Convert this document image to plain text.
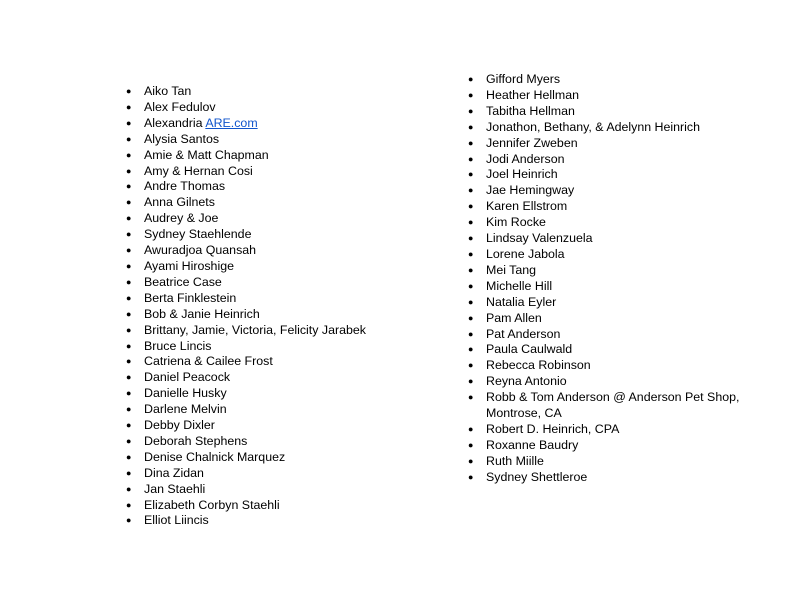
●	Aiko Tan
●	Alex Fedulov
●	Alexandria ARE.com
●	Alysia Santos
●	Amie & Matt Chapman
●	Amy & Hernan Cosi
●	Andre Thomas
●	Anna Gilnets
●	Audrey & Joe
●	Sydney Staehlende
●	Awuradjoa Quansah
●	Ayami Hiroshige
●	Beatrice Case
●	Berta Finklestein
●	Bob & Janie Heinrich
●	Brittany, Jamie, Victoria, Felicity Jarabek
●	Bruce Lincis
●	Catriena & Cailee Frost
●	Daniel Peacock
●	Danielle Husky
●	Darlene Melvin
●	Debby Dixler
●	Deborah Stephens
●	Denise Chalnick Marquez
●	Dina Zidan
●	Jan Staehli
●	Elizabeth Corbyn Staehli
●	Elliot Liincis
●	Gifford Myers
●	Heather Hellman
●	Tabitha Hellman
●	Jonathon, Bethany, & Adelynn Heinrich
●	Jennifer Zweben
●	Jodi Anderson
●	Joel Heinrich
●	Jae Hemingway
●	Karen Ellstrom
●	Kim Rocke
●	Lindsay Valenzuela
●	Lorene Jabola
●	Mei Tang
●	Michelle Hill
●	Natalia Eyler
●	Pam Allen
●	Pat Anderson
●	Paula Caulwald
●	Rebecca Robinson
●	Reyna Antonio
●	Robb & Tom Anderson @ Anderson Pet Shop, Montrose, CA
●	Robert D. Heinrich, CPA
●	Roxanne Baudry
●	Ruth Miille
●	Sydney Shettleroe
